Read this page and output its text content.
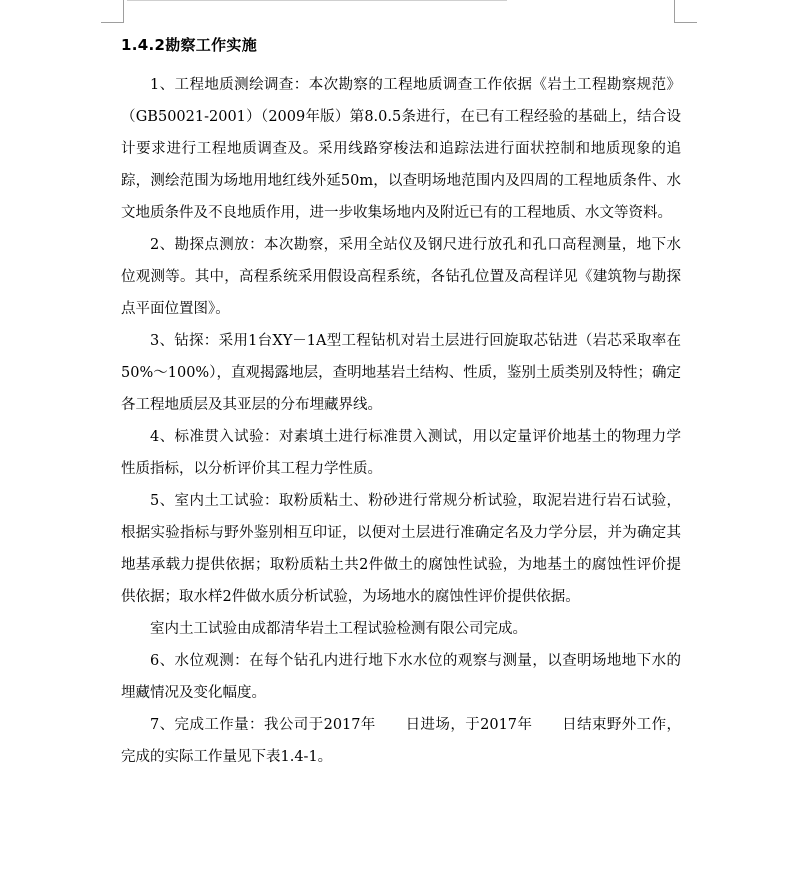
1.4.2勘察工作实施

1、工程地质测绘调查：本次勘察的工程地质调查工作依据《岩土工程勘察规范》（GB50021-2001）（2009年版）第8.0.5条进行，在已有工程经验的基础上，结合设计要求进行工程地质调查及。采用线路穿梭法和追踪法进行面状控制和地质现象的追踪，测绘范围为场地用地红线外延50m，以查明场地范围内及四周的工程地质条件、水文地质条件及不良地质作用，进一步收集场地内及附近已有的工程地质、水文等资料。

2、勘探点测放：本次勘察，采用全站仪及钢尺进行放孔和孔口高程测量，地下水位观测等。其中，高程系统采用假设高程系统，各钻孔位置及高程详见《建筑物与勘探点平面位置图》。

3、钻探：采用1台XY－1A型工程钻机对岩土层进行回旋取芯钻进（岩芯采取率在50%～100%），直观揭露地层，查明地基岩土结构、性质，鉴别土质类别及特性；确定各工程地质层及其亚层的分布埋藏界线。

4、标准贯入试验：对素填土进行标准贯入测试，用以定量评价地基土的物理力学性质指标，以分析评价其工程力学性质。

5、室内土工试验：取粉质粘土、粉砂进行常规分析试验，取泥岩进行岩石试验，根据实验指标与野外鉴别相互印证，以便对土层进行准确定名及力学分层，并为确定其地基承载力提供依据；取粉质粘土共2件做土的腐蚀性试验，为地基土的腐蚀性评价提供依据；取水样2件做水质分析试验，为场地水的腐蚀性评价提供依据。

室内土工试验由成都清华岩土工程试验检测有限公司完成。

6、水位观测：在每个钻孔内进行地下水水位的观察与测量，以查明场地地下水的埋藏情况及变化幅度。

7、完成工作量：我公司于2017年　　日进场，于2017年　　日结束野外工作，完成的实际工作量见下表1.4-1。
